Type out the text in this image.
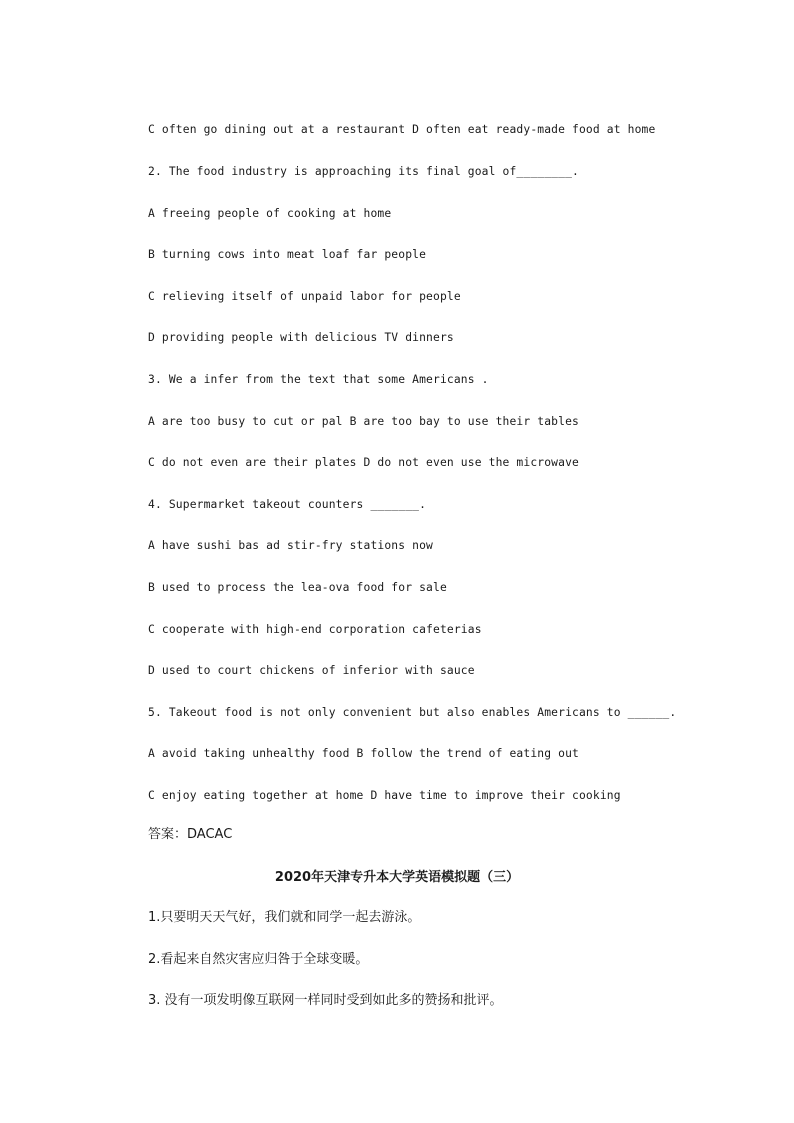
C often go dining out at a restaurant D often eat ready-made food at home
2. The food industry is approaching its final goal of________.
A freeing people of cooking at home
B turning cows into meat loaf far people
C relieving itself of unpaid labor for people
D providing people with delicious TV dinners
3. We a infer from the text that some Americans .
A are too busy to cut or pal B are too bay to use their tables
C do not even are their plates D do not even use the microwave
4. Supermarket takeout counters _______.
A have sushi bas ad stir-fry stations now
B used to process the lea-ova food for sale
C cooperate with high-end corporation cafeterias
D used to court chickens of inferior with sauce
5. Takeout food is not only convenient but also enables Americans to ______.
A avoid taking unhealthy food B follow the trend of eating out
C enjoy eating together at home D have time to improve their cooking
答案：DACAC
2020年天津专升本大学英语模拟题（三）
1.只要明天天气好，我们就和同学一起去游泳。
2.看起来自然灾害应归咎于全球变暖。
3. 没有一项发明像互联网一样同时受到如此多的赞扬和批评。
